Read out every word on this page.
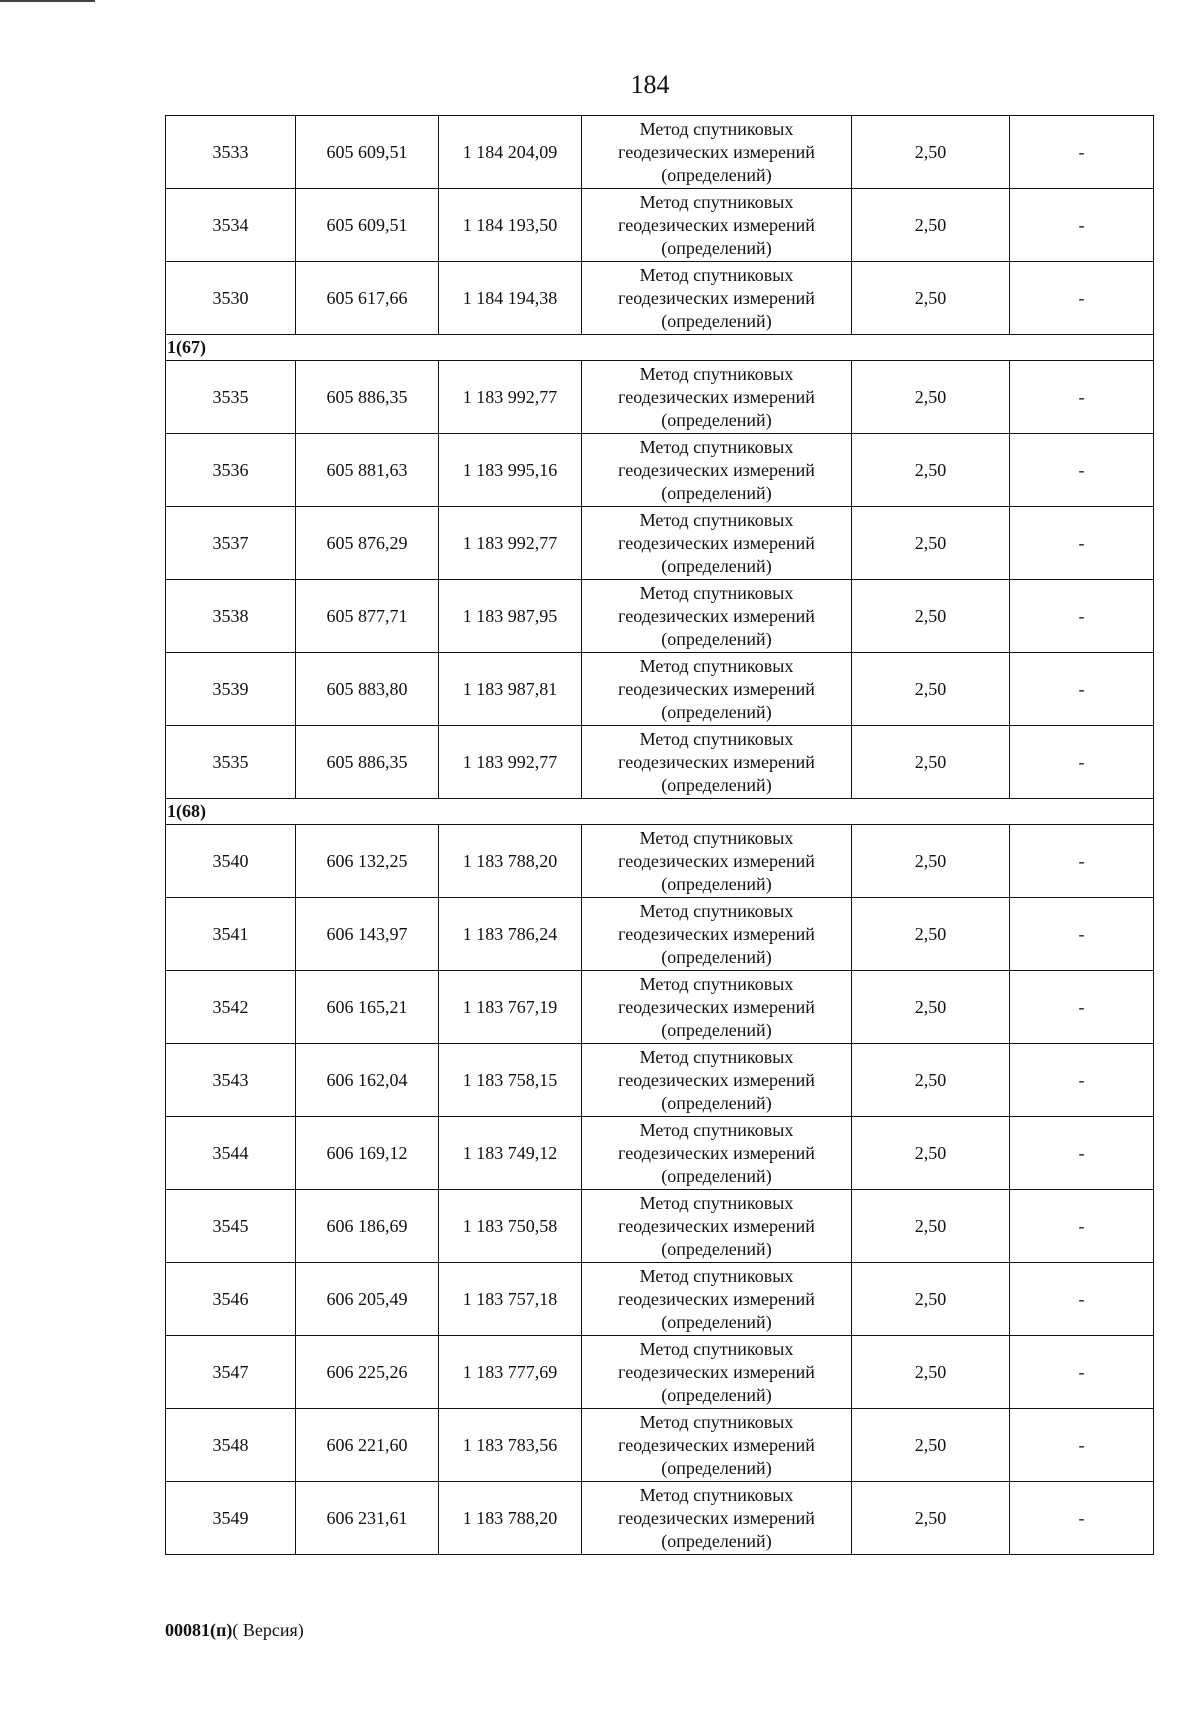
184
3533	605 609,51	1 184 204,09	Метод спутниковых
геодезических измерений
(определений)	2,50	-
3534	605 609,51	1 184 193,50	Метод спутниковых
геодезических измерений
(определений)	2,50	-
3530	605 617,66	1 184 194,38	Метод спутниковых
геодезических измерений
(определений)	2,50	-
1(67)					
3535	605 886,35	1 183 992,77	Метод спутниковых
геодезических измерений
(определений)	2,50	-
3536	605 881,63	1 183 995,16	Метод спутниковых
геодезических измерений
(определений)	2,50	-
3537	605 876,29	1 183 992,77	Метод спутниковых
геодезических измерений
(определений)	2,50	-
3538	605 877,71	1 183 987,95	Метод спутниковых
геодезических измерений
(определений)	2,50	-
3539	605 883,80	1 183 987,81	Метод спутниковых
геодезических измерений
(определений)	2,50	-
3535	605 886,35	1 183 992,77	Метод спутниковых
геодезических измерений
(определений)	2,50	-
1(68)					
3540	606 132,25	1 183 788,20	Метод спутниковых
геодезических измерений
(определений)	2,50	-
3541	606 143,97	1 183 786,24	Метод спутниковых
геодезических измерений
(определений)	2,50	-
3542	606 165,21	1 183 767,19	Метод спутниковых
геодезических измерений
(определений)	2,50	-
3543	606 162,04	1 183 758,15	Метод спутниковых
геодезических измерений
(определений)	2,50	-
3544	606 169,12	1 183 749,12	Метод спутниковых
геодезических измерений
(определений)	2,50	-
3545	606 186,69	1 183 750,58	Метод спутниковых
геодезических измерений
(определений)	2,50	-
3546	606 205,49	1 183 757,18	Метод спутниковых
геодезических измерений
(определений)	2,50	-
3547	606 225,26	1 183 777,69	Метод спутниковых
геодезических измерений
(определений)	2,50	-
3548	606 221,60	1 183 783,56	Метод спутниковых
геодезических измерений
(определений)	2,50	-
3549	606 231,61	1 183 788,20	Метод спутниковых
геодезических измерений
(определений)	2,50	-
00081(п)( Версия)
